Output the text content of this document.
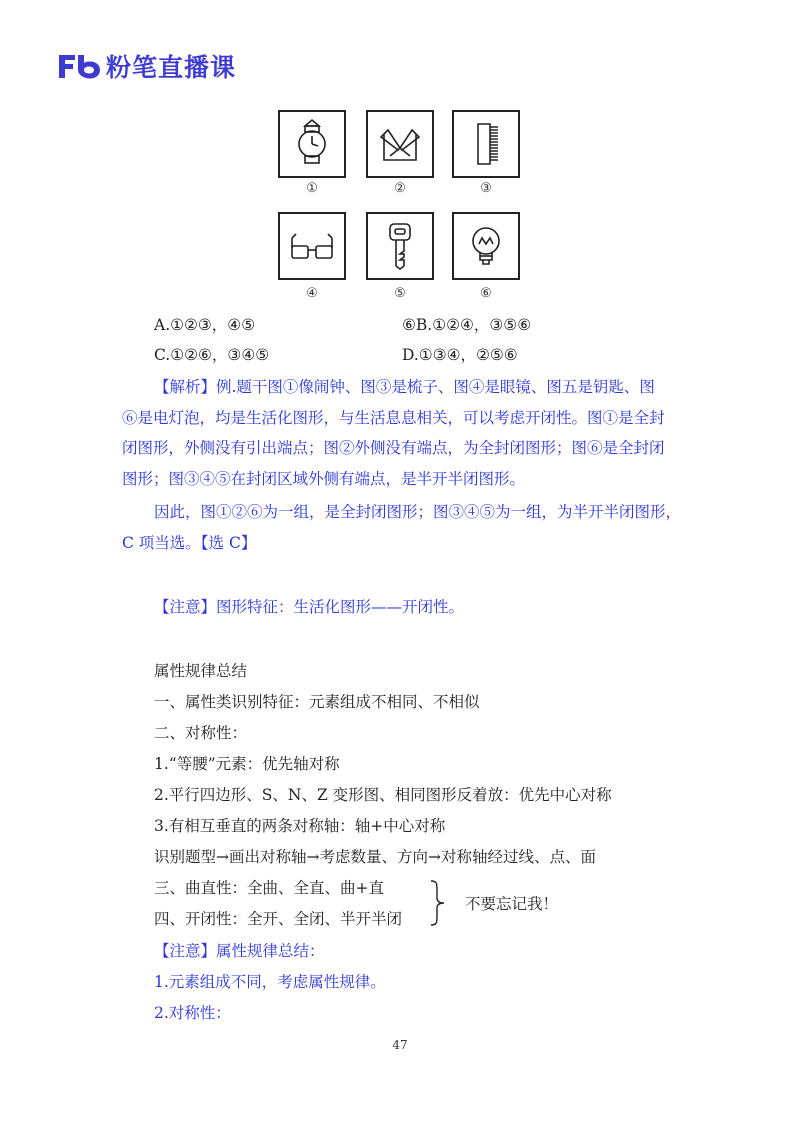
粉笔直播课
①	②	③
④	⑤	⑥
A.①②③，④⑤	⑥B.①②④，③⑤⑥
C.①②⑥，③④⑤	D.①③④，②⑤⑥
【解析】例.题干图①像闹钟、图③是梳子、图④是眼镜、图五是钥匙、图
⑥是电灯泡，均是生活化图形，与生活息息相关，可以考虑开闭性。图①是全封
闭图形，外侧没有引出端点；图②外侧没有端点，为全封闭图形；图⑥是全封闭
图形；图③④⑤在封闭区域外侧有端点，是半开半闭图形。
因此，图①②⑥为一组，是全封闭图形；图③④⑤为一组，为半开半闭图形，
C 项当选。【选 C】
【注意】图形特征：生活化图形——开闭性。
属性规律总结
一、属性类识别特征：元素组成不相同、不相似
二、对称性：
1.“等腰”元素：优先轴对称
2.平行四边形、S、N、Z 变形图、相同图形反着放：优先中心对称
3.有相互垂直的两条对称轴：轴+中心对称
识别题型→画出对称轴→考虑数量、方向→对称轴经过线、点、面
三、曲直性：全曲、全直、曲+直
四、开闭性：全开、全闭、半开半闭
不要忘记我！
【注意】属性规律总结：
1.元素组成不同，考虑属性规律。
2.对称性：
47
